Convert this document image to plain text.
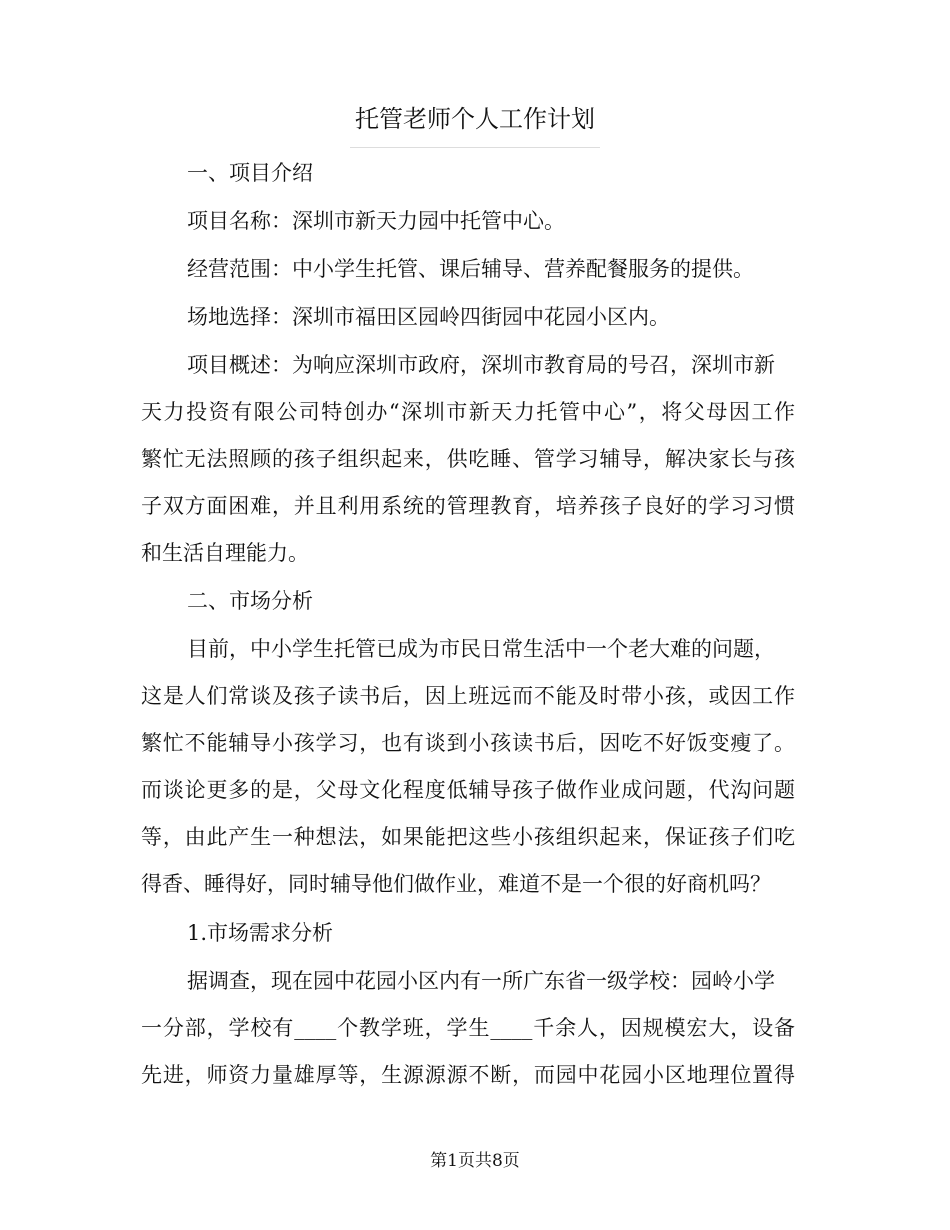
托管老师个人工作计划
一、项目介绍
项目名称：深圳市新天力园中托管中心。
经营范围：中小学生托管、课后辅导、营养配餐服务的提供。
场地选择：深圳市福田区园岭四街园中花园小区内。
项目概述：为响应深圳市政府，深圳市教育局的号召，深圳市新
天力投资有限公司特创办“深圳市新天力托管中心”，将父母因工作
繁忙无法照顾的孩子组织起来，供吃睡、管学习辅导，解决家长与孩
子双方面困难，并且利用系统的管理教育，培养孩子良好的学习习惯
和生活自理能力。
二、市场分析
目前，中小学生托管已成为市民日常生活中一个老大难的问题，
这是人们常谈及孩子读书后，因上班远而不能及时带小孩，或因工作
繁忙不能辅导小孩学习，也有谈到小孩读书后，因吃不好饭变瘦了。
而谈论更多的是，父母文化程度低辅导孩子做作业成问题，代沟问题
等，由此产生一种想法，如果能把这些小孩组织起来，保证孩子们吃
得香、睡得好，同时辅导他们做作业，难道不是一个很的好商机吗？
1.市场需求分析
据调查，现在园中花园小区内有一所广东省一级学校：园岭小学
一分部，学校有____个教学班，学生____千余人，因规模宏大，设备
先进，师资力量雄厚等，生源源源不断，而园中花园小区地理位置得
第1页共8页
